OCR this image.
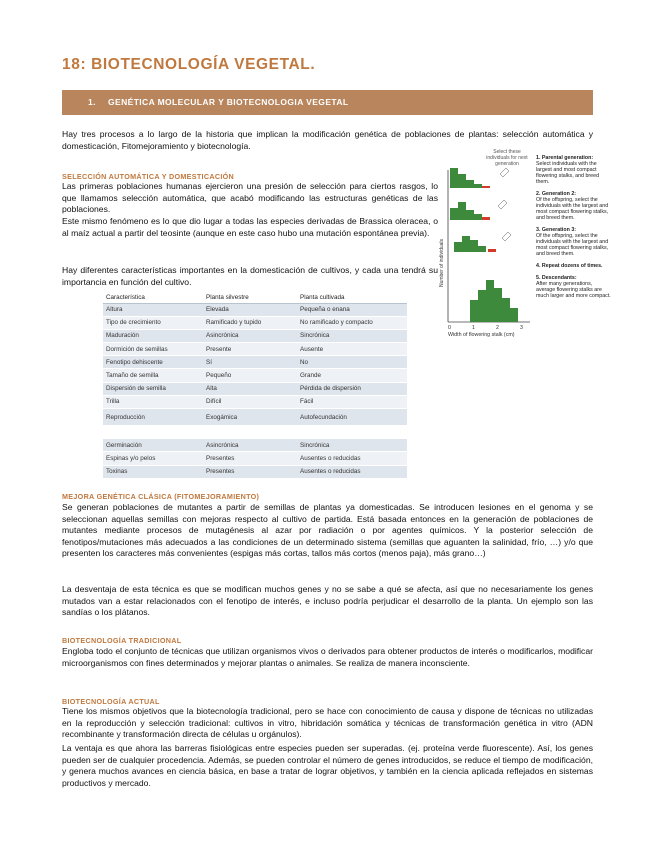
18: BIOTECNOLOGÍA VEGETAL.
1. GENÉTICA MOLECULAR Y BIOTECNOLOGIA VEGETAL

Hay tres procesos a lo largo de la historia que implican la modificación genética de poblaciones de plantas: selección automática y domesticación, Fitomejoramiento y biotecnología.

SELECCIÓN AUTOMÁTICA Y DOMESTICACIÓN

Las primeras poblaciones humanas ejercieron una presión de selección para ciertos rasgos, lo que llamamos selección automática, que acabó modificando las estructuras genéticas de las poblaciones.

Este mismo fenómeno es lo que dio lugar a todas las especies derivadas de Brassica oleracea, o al maíz actual a partir del teosinte (aunque en este caso hubo una mutación espontánea previa).

Hay diferentes características importantes en la domesticación de cultivos, y cada una tendrá su importancia en función del cultivo.

Característica	Planta silvestre	Planta cultivada
Altura	Elevada	Pequeña o enana
Tipo de crecimiento	Ramificado y tupido	No ramificado y compacto
Maduración	Asincrónica	Sincrónica
Dormición de semillas	Presente	Ausente
Fenotipo dehiscente	Sí	No
Tamaño de semilla	Pequeño	Grande
Dispersión de semilla	Alta	Pérdida de dispersión
Trilla	Difícil	Fácil
Reproducción	Exogámica	Autofecundación

Germinación	Asincrónica	Sincrónica
Espinas y/o pelos	Presentes	Ausentes o reducidas
Toxinas	Presentes	Ausentes o reducidas
Select these individuals for next generation
Number of individuals
0	1	2	3
Width of flowering stalk (cm)
1. Parental generation:
Select individuals with the largest and most compact flowering stalks, and breed them.
2. Generation 2:
Of the offspring, select the individuals with the largest and most compact flowering stalks, and breed them.
3. Generation 3:
Of the offspring, select the individuals with the largest and most compact flowering stalks, and breed them.
4. Repeat dozens of times.
5. Descendants:
After many generations, average flowering stalks are much larger and more compact.
MEJORA GENÉTICA CLÁSICA (FITOMEJORAMIENTO)

Se generan poblaciones de mutantes a partir de semillas de plantas ya domesticadas. Se introducen lesiones en el genoma y se seleccionan aquellas semillas con mejoras respecto al cultivo de partida. Está basada entonces en la generación de poblaciones de mutantes mediante procesos de mutagénesis al azar por radiación o por agentes químicos. Y la posterior selección de fenotipos/mutaciones más adecuados a las condiciones de un determinado sistema (semillas que aguanten la salinidad, frío, …) y/o que presenten los caracteres más convenientes (espigas más cortas, tallos más cortos (menos paja), más grano…)

La desventaja de esta técnica es que se modifican muchos genes y no se sabe a qué se afecta, así que no necesariamente los genes mutados van a estar relacionados con el fenotipo de interés, e incluso podría perjudicar el desarrollo de la planta. Un ejemplo son las sandías o los plátanos.

BIOTECNOLOGÍA TRADICIONAL

Engloba todo el conjunto de técnicas que utilizan organismos vivos o derivados para obtener productos de interés o modificarlos, modificar microorganismos con fines determinados y mejorar plantas o animales. Se realiza de manera inconsciente.

BIOTECNOLOGÍA ACTUAL

Tiene los mismos objetivos que la biotecnología tradicional, pero se hace con conocimiento de causa y dispone de técnicas no utilizadas en la reproducción y selección tradicional: cultivos in vitro, hibridación somática y técnicas de transformación genética in vitro (ADN recombinante y transformación directa de células u orgánulos).

La ventaja es que ahora las barreras fisiológicas entre especies pueden ser superadas. (ej. proteína verde fluorescente). Así, los genes pueden ser de cualquier procedencia. Además, se pueden controlar el número de genes introducidos, se reduce el tiempo de modificación, y genera muchos avances en ciencia básica, en base a tratar de lograr objetivos, y también en la ciencia aplicada reflejados en sistemas productivos y mercado.
